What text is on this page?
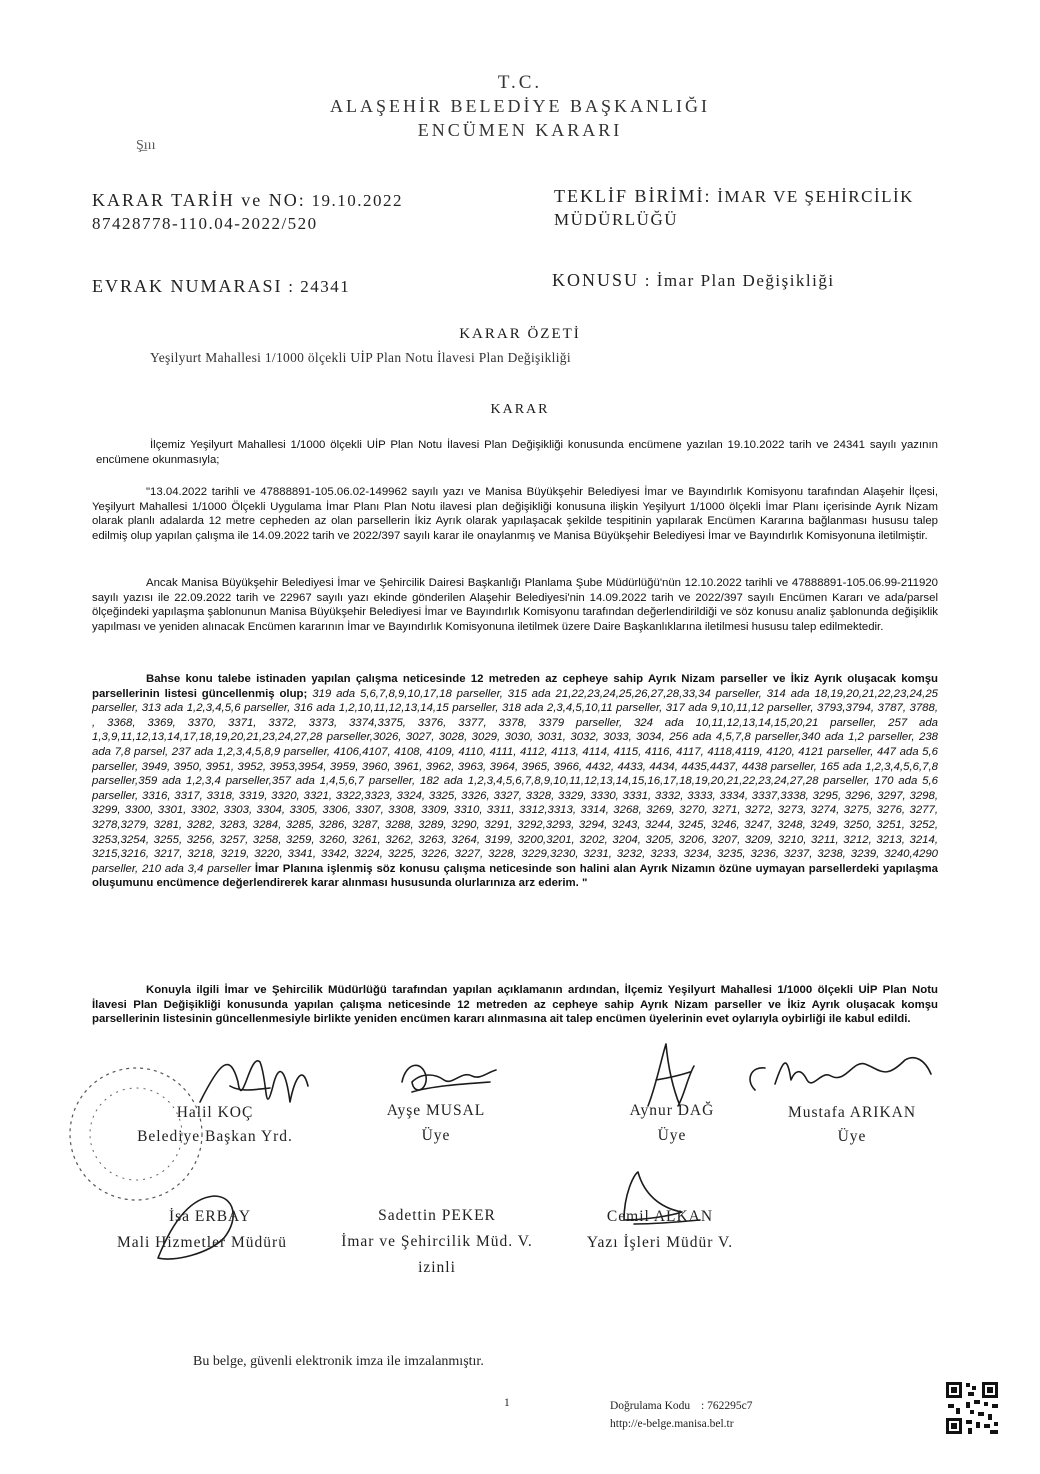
T.C.
ALAŞEHİR BELEDİYE BAŞKANLIĞI
ENCÜMEN KARARI
Ş̲ııı
KARAR TARİH ve NO: 19.10.2022
87428778-110.04-2022/520
TEKLİF BİRİMİ: İMAR VE ŞEHİRCİLİK
MÜDÜRLÜĞÜ
EVRAK NUMARASI : 24341	KONUSU : İmar Plan Değişikliği
KARAR ÖZETİ
Yeşilyurt Mahallesi 1/1000 ölçekli UİP Plan Notu İlavesi Plan Değişikliği
KARAR
İlçemiz Yeşilyurt Mahallesi 1/1000 ölçekli UİP Plan Notu İlavesi Plan Değişikliği konusunda encümene yazılan 19.10.2022 tarih ve 24341 sayılı yazının encümene okunmasıyla;
"13.04.2022 tarihli ve 47888891-105.06.02-149962 sayılı yazı ve Manisa Büyükşehir Belediyesi İmar ve Bayındırlık Komisyonu tarafından Alaşehir İlçesi, Yeşilyurt Mahallesi 1/1000 Ölçekli Uygulama İmar Planı Plan Notu ilavesi plan değişikliği konusuna ilişkin Yeşilyurt 1/1000 ölçekli İmar Planı içerisinde Ayrık Nizam olarak planlı adalarda 12 metre cepheden az olan parsellerin İkiz Ayrık olarak yapılaşacak şekilde tespitinin yapılarak Encümen Kararına bağlanması hususu talep edilmiş olup yapılan çalışma ile 14.09.2022 tarih ve 2022/397 sayılı karar ile onaylanmış ve Manisa Büyükşehir Belediyesi İmar ve Bayındırlık Komisyonuna iletilmiştir.
Ancak Manisa Büyükşehir Belediyesi İmar ve Şehircilik Dairesi Başkanlığı Planlama Şube Müdürlüğü'nün 12.10.2022 tarihli ve 47888891-105.06.99-211920 sayılı yazısı ile 22.09.2022 tarih ve 22967 sayılı yazı ekinde gönderilen Alaşehir Belediyesi'nin 14.09.2022 tarih ve 2022/397 sayılı Encümen Kararı ve ada/parsel ölçeğindeki yapılaşma şablonunun Manisa Büyükşehir Belediyesi İmar ve Bayındırlık Komisyonu tarafından değerlendirildiği ve söz konusu analiz şablonunda değişiklik yapılması ve yeniden alınacak Encümen kararının İmar ve Bayındırlık Komisyonuna iletilmek üzere Daire Başkanlıklarına iletilmesi hususu talep edilmektedir.
Bahse konu talebe istinaden yapılan çalışma neticesinde 12 metreden az cepheye sahip Ayrık Nizam parseller ve İkiz Ayrık oluşacak komşu parsellerinin listesi güncellenmiş olup; 319 ada 5,6,7,8,9,10,17,18 parseller, 315 ada 21,22,23,24,25,26,27,28,33,34 parseller, 314 ada 18,19,20,21,22,23,24,25 parseller, 313 ada 1,2,3,4,5,6 parseller, 316 ada 1,2,10,11,12,13,14,15 parseller, 318 ada 2,3,4,5,10,11 parseller, 317 ada 9,10,11,12 parseller, 3793,3794, 3787, 3788, , 3368, 3369, 3370, 3371, 3372, 3373, 3374,3375, 3376, 3377, 3378, 3379 parseller, 324 ada 10,11,12,13,14,15,20,21 parseller, 257 ada 1,3,9,11,12,13,14,17,18,19,20,21,23,24,27,28 parseller,3026, 3027, 3028, 3029, 3030, 3031, 3032, 3033, 3034, 256 ada 4,5,7,8 parseller,340 ada 1,2 parseller, 238 ada 7,8 parsel, 237 ada 1,2,3,4,5,8,9 parseller, 4106,4107, 4108, 4109, 4110, 4111, 4112, 4113, 4114, 4115, 4116, 4117, 4118,4119, 4120, 4121 parseller, 447 ada 5,6 parseller, 3949, 3950, 3951, 3952, 3953,3954, 3959, 3960, 3961, 3962, 3963, 3964, 3965, 3966, 4432, 4433, 4434, 4435,4437, 4438 parseller, 165 ada 1,2,3,4,5,6,7,8 parseller,359 ada 1,2,3,4 parseller,357 ada 1,4,5,6,7 parseller, 182 ada 1,2,3,4,5,6,7,8,9,10,11,12,13,14,15,16,17,18,19,20,21,22,23,24,27,28 parseller, 170 ada 5,6 parseller, 3316, 3317, 3318, 3319, 3320, 3321, 3322,3323, 3324, 3325, 3326, 3327, 3328, 3329, 3330, 3331, 3332, 3333, 3334, 3337,3338, 3295, 3296, 3297, 3298, 3299, 3300, 3301, 3302, 3303, 3304, 3305, 3306, 3307, 3308, 3309, 3310, 3311, 3312,3313, 3314, 3268, 3269, 3270, 3271, 3272, 3273, 3274, 3275, 3276, 3277, 3278,3279, 3281, 3282, 3283, 3284, 3285, 3286, 3287, 3288, 3289, 3290, 3291, 3292,3293, 3294, 3243, 3244, 3245, 3246, 3247, 3248, 3249, 3250, 3251, 3252, 3253,3254, 3255, 3256, 3257, 3258, 3259, 3260, 3261, 3262, 3263, 3264, 3199, 3200,3201, 3202, 3204, 3205, 3206, 3207, 3209, 3210, 3211, 3212, 3213, 3214, 3215,3216, 3217, 3218, 3219, 3220, 3341, 3342, 3224, 3225, 3226, 3227, 3228, 3229,3230, 3231, 3232, 3233, 3234, 3235, 3236, 3237, 3238, 3239, 3240,4290 parseller, 210 ada 3,4 parseller İmar Planına işlenmiş söz konusu çalışma neticesinde son halini alan Ayrık Nizamın özüne uymayan parsellerdeki yapılaşma oluşumunu encümence değerlendirerek karar alınması hususunda olurlarınıza arz ederim. "
Konuyla ilgili İmar ve Şehircilik Müdürlüğü tarafından yapılan açıklamanın ardından, İlçemiz Yeşilyurt Mahallesi 1/1000 ölçekli UİP Plan Notu İlavesi Plan Değişikliği konusunda yapılan çalışma neticesinde 12 metreden az cepheye sahip Ayrık Nizam parseller ve İkiz Ayrık oluşacak komşu parsellerinin listesinin güncellenmesiyle birlikte yeniden encümen kararı alınmasına ait talep encümen üyelerinin evet oylarıyla oybirliği ile kabul edildi.
Halil KOÇ
Belediye Başkan Yrd.
Ayşe MUSAL
Üye
Aynur DAĞ
Üye
Mustafa ARIKAN
Üye
İsa ERBAY
Mali Hizmetler Müdürü
Sadettin PEKER
İmar ve Şehircilik Müd. V.
izinli
Cemil ALKAN
Yazı İşleri Müdür V.
Bu belge, güvenli elektronik imza ile imzalanmıştır.
1	Doğrulama Kodu : 762295c7
http://e-belge.manisa.bel.tr
